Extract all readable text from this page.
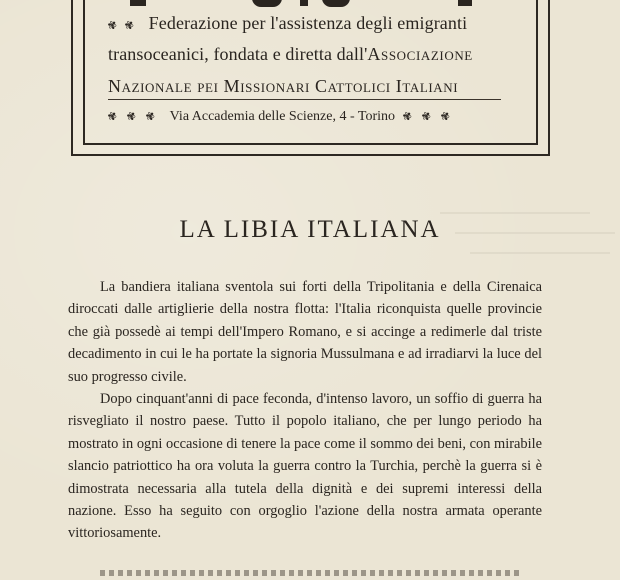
✾ ✾ Federazione per l'assistenza degli emigranti
transoceanici, fondata e diretta dall'Associazione
Nazionale pei Missionari Cattolici Italiani
✾ ✾ ✾ Via Accademia delle Scienze, 4 - Torino ✾ ✾ ✾
LA LIBIA ITALIANA

La bandiera italiana sventola sui forti della Tripolitania e della Cirenaica diroccati dalle artiglierie della nostra flotta: l'Italia riconquista quelle provincie che già possedè ai tempi dell'Impero Romano, e si accinge a redimerle dal triste decadimento in cui le ha portate la signoria Mussulmana e ad irradiarvi la luce del suo progresso civile.

Dopo cinquant'anni di pace feconda, d'intenso lavoro, un soffio di guerra ha risvegliato il nostro paese. Tutto il popolo italiano, che per lungo periodo ha mostrato in ogni occasione di tenere la pace come il sommo dei beni, con mirabile slancio patriottico ha ora voluta la guerra contro la Turchia, perchè la guerra si è dimostrata necessaria alla tutela della dignità e dei supremi interessi della nazione. Esso ha seguito con orgoglio l'azione della nostra armata operante vittoriosamente.
